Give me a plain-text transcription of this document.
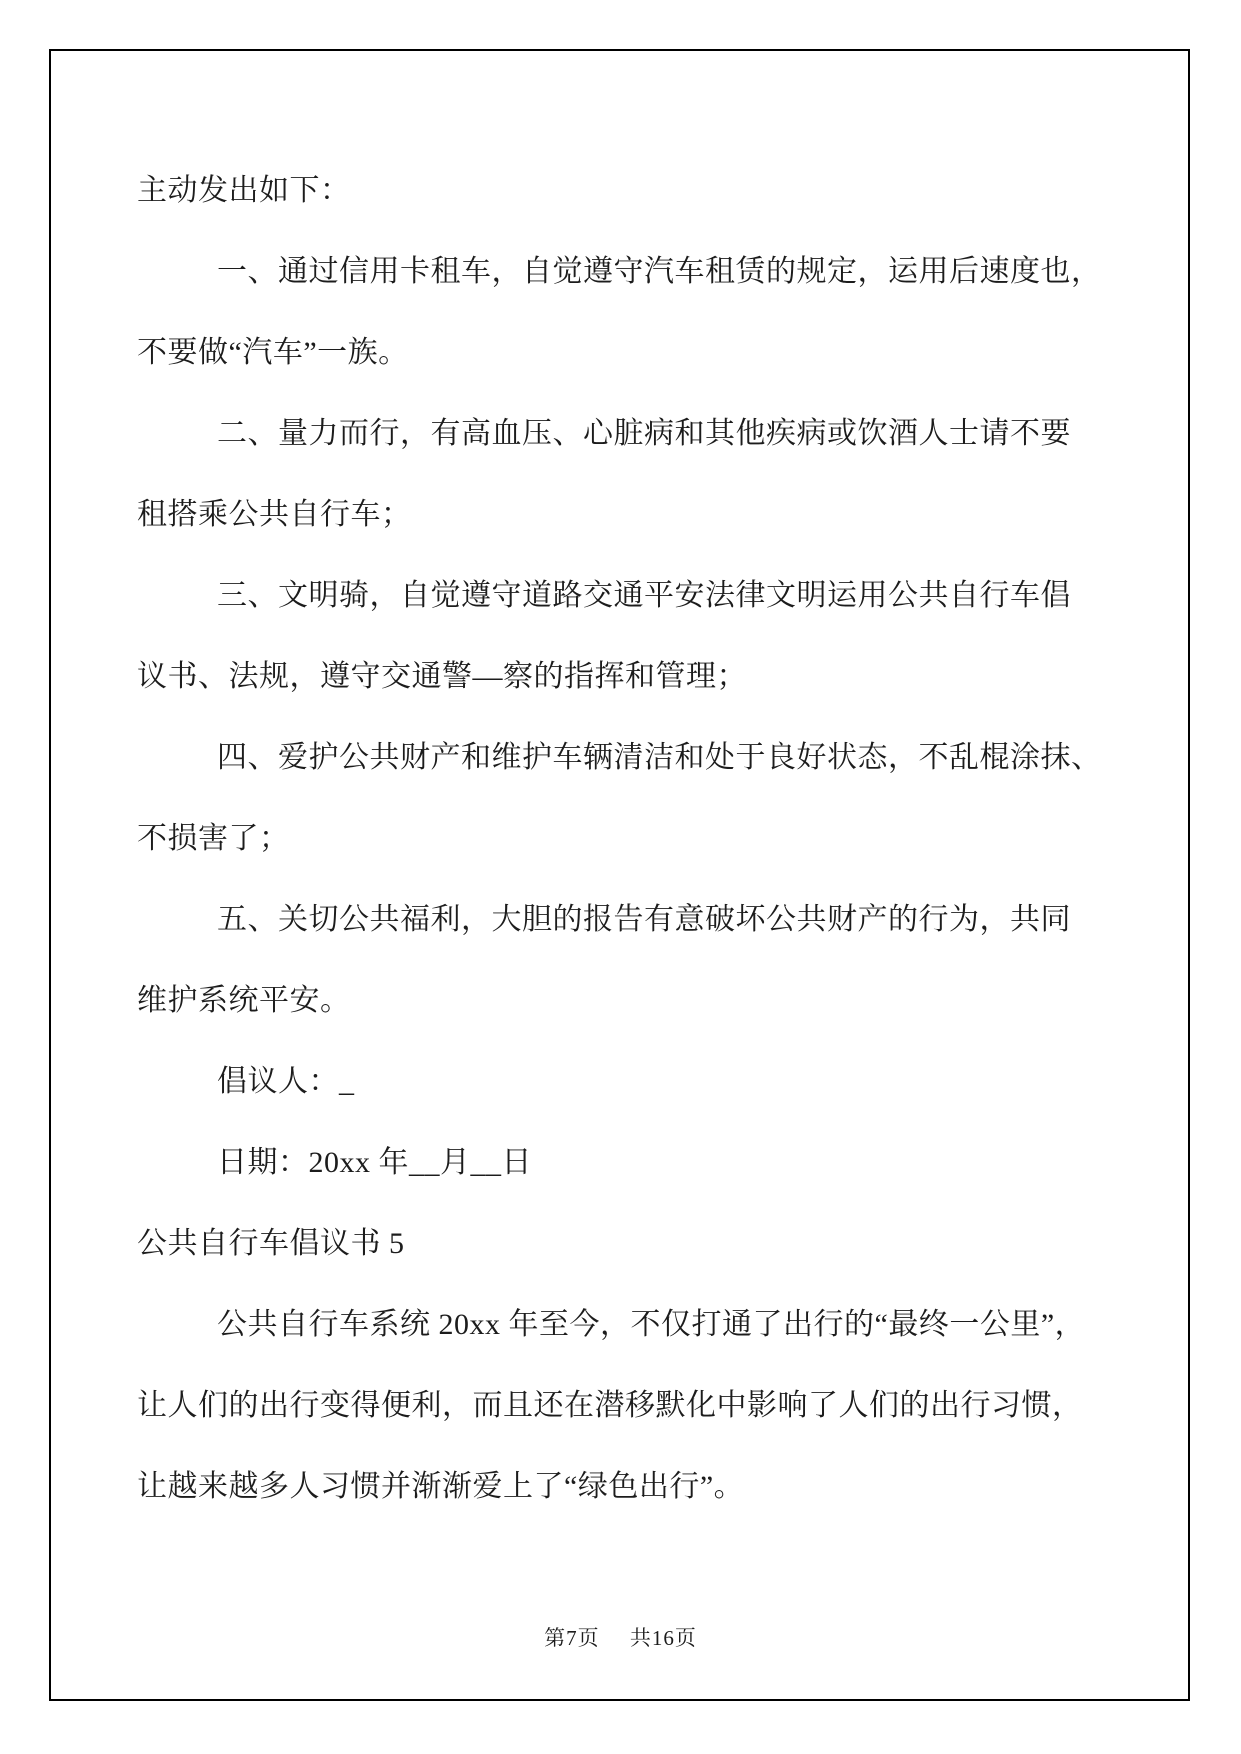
主动发出如下：
一、通过信用卡租车，自觉遵守汽车租赁的规定，运用后速度也，
不要做“汽车”一族。
二、量力而行，有高血压、心脏病和其他疾病或饮酒人士请不要
租搭乘公共自行车；
三、文明骑，自觉遵守道路交通平安法律文明运用公共自行车倡
议书、法规，遵守交通警—察的指挥和管理；
四、爱护公共财产和维护车辆清洁和处于良好状态，不乱棍涂抹、
不损害了；
五、关切公共福利，大胆的报告有意破坏公共财产的行为，共同
维护系统平安。
倡议人：_
日期：20xx 年__月__日
公共自行车倡议书 5
公共自行车系统 20xx 年至今，不仅打通了出行的“最终一公里”，
让人们的出行变得便利，而且还在潜移默化中影响了人们的出行习惯，
让越来越多人习惯并渐渐爱上了“绿色出行”。
第7页 共16页
